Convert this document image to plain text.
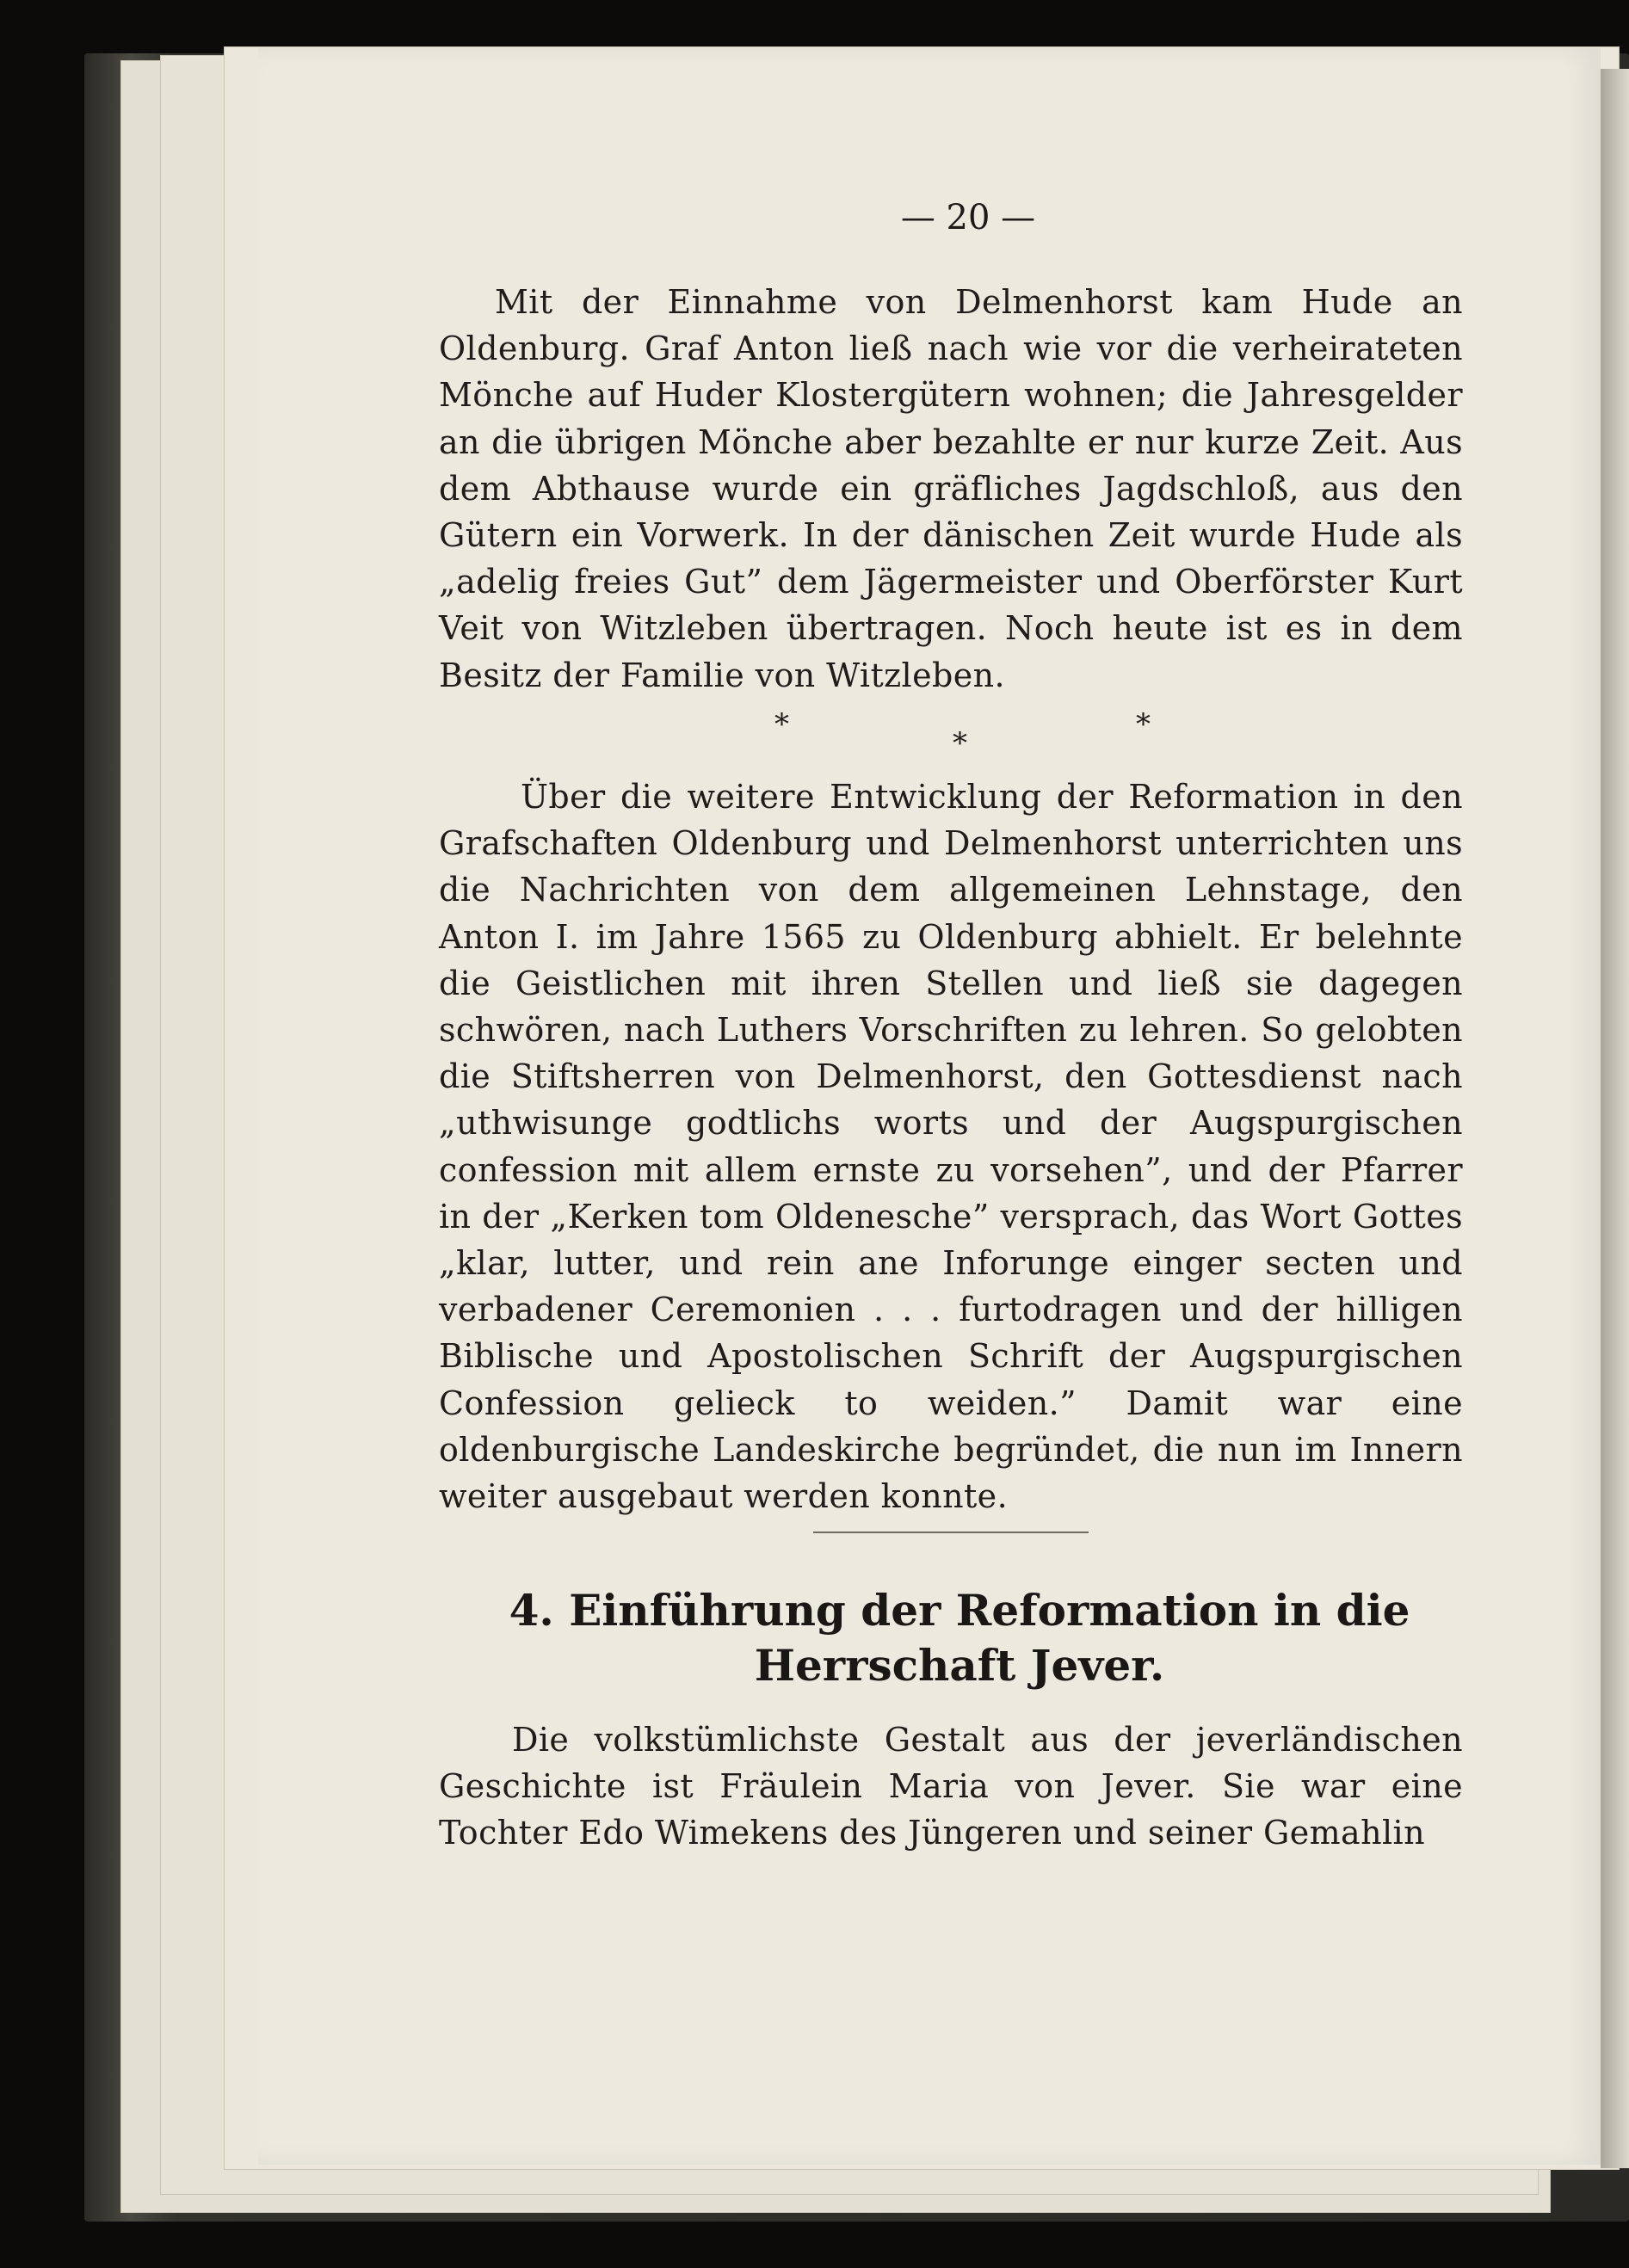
— 20 —

Mit der Einnahme von Delmenhorst kam Hude an Oldenburg. Graf Anton ließ nach wie vor die verheirateten Mönche auf Huder Klostergütern wohnen; die Jahresgelder an die übrigen Mönche aber bezahlte er nur kurze Zeit. Aus dem Abthause wurde ein gräfliches Jagdschloß, aus den Gütern ein Vorwerk. In der dänischen Zeit wurde Hude als „adelig freies Gut” dem Jägermeister und Oberförster Kurt Veit von Witzleben übertragen. Noch heute ist es in dem Besitz der Familie von Witzleben.

*
*
*

Über die weitere Entwicklung der Reformation in den Grafschaften Oldenburg und Delmenhorst unterrichten uns die Nachrichten von dem allgemeinen Lehnstage, den Anton I. im Jahre 1565 zu Oldenburg abhielt. Er belehnte die Geistlichen mit ihren Stellen und ließ sie dagegen schwören, nach Luthers Vorschriften zu lehren. So gelobten die Stiftsherren von Delmenhorst, den Gottesdienst nach „uthwisunge godtlichs worts und der Augspurgischen confession mit allem ernste zu vorsehen”, und der Pfarrer in der „Kerken tom Oldenesche” versprach, das Wort Gottes „klar, lutter, und rein ane Inforunge einger secten und verbadener Ceremonien . . . furtodragen und der hilligen Biblische und Apostolischen Schrift der Augspurgischen Confession gelieck to weiden.” Damit war eine oldenburgische Landeskirche begründet, die nun im Innern weiter ausgebaut werden konnte.

4. Einführung der Reformation in die Herrschaft Jever.

Die volkstümlichste Gestalt aus der jeverländischen Geschichte ist Fräulein Maria von Jever. Sie war eine Tochter Edo Wimekens des Jüngeren und seiner Gemahlin
